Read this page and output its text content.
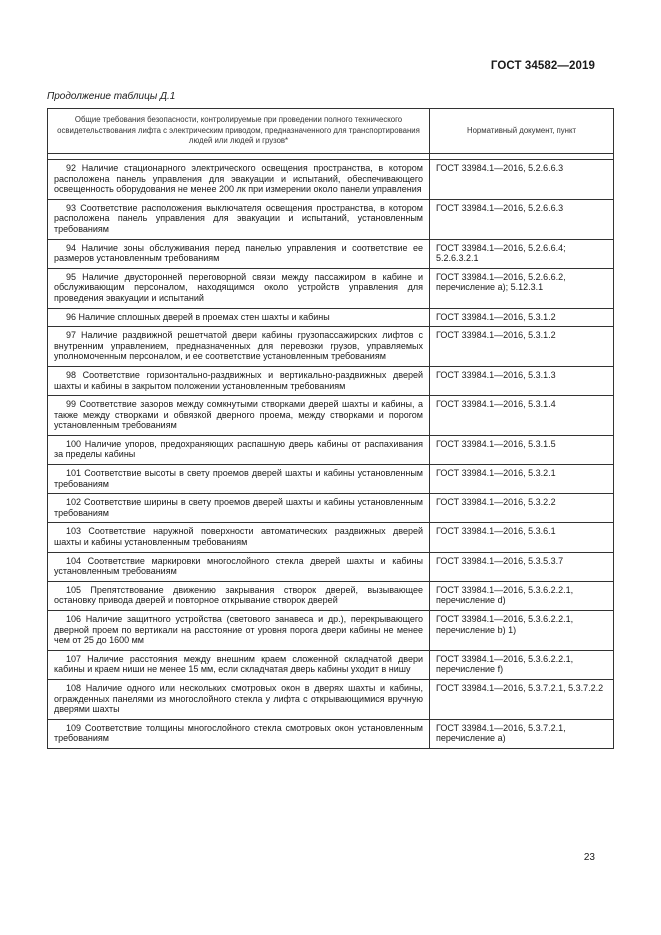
ГОСТ 34582—2019
Продолжение таблицы Д.1
Общие требования безопасности, контролируемые при проведении полного технического освидетельствования лифта с электрическим приводом, предназначенного для транспортирования людей или людей и грузов*	Нормативный документ, пункт

92 Наличие стационарного электрического освещения пространства, в котором расположена панель управления для эвакуации и испытаний, обеспечивающего освещенность оборудования не менее 200 лк при измерении около панели управления	ГОСТ 33984.1—2016, 5.2.6.6.3
93 Соответствие расположения выключателя освещения пространства, в котором расположена панель управления для эвакуации и испытаний, установленным требованиям	ГОСТ 33984.1—2016, 5.2.6.6.3
94 Наличие зоны обслуживания перед панелью управления и соответствие ее размеров установленным требованиям	ГОСТ 33984.1—2016, 5.2.6.6.4; 5.2.6.3.2.1
95 Наличие двусторонней переговорной связи между пассажиром в кабине и обслуживающим персоналом, находящимся около устройств управления для проведения эвакуации и испытаний	ГОСТ 33984.1—2016, 5.2.6.6.2, перечисление а); 5.12.3.1
96 Наличие сплошных дверей в проемах стен шахты и кабины	ГОСТ 33984.1—2016, 5.3.1.2
97 Наличие раздвижной решетчатой двери кабины грузопассажирских лифтов с внутренним управлением, предназначенных для перевозки грузов, управляемых уполномоченным персоналом, и ее соответствие установленным требованиям	ГОСТ 33984.1—2016, 5.3.1.2
98 Соответствие горизонтально-раздвижных и вертикально-раздвижных дверей шахты и кабины в закрытом положении установленным требованиям	ГОСТ 33984.1—2016, 5.3.1.3
99 Соответствие зазоров между сомкнутыми створками дверей шахты и кабины, а также между створками и обвязкой дверного проема, между створками и порогом установленным требованиям	ГОСТ 33984.1—2016, 5.3.1.4
100 Наличие упоров, предохраняющих распашную дверь кабины от распахивания за пределы кабины	ГОСТ 33984.1—2016, 5.3.1.5
101 Соответствие высоты в свету проемов дверей шахты и кабины установленным требованиям	ГОСТ 33984.1—2016, 5.3.2.1
102 Соответствие ширины в свету проемов дверей шахты и кабины установленным требованиям	ГОСТ 33984.1—2016, 5.3.2.2
103 Соответствие наружной поверхности автоматических раздвижных дверей шахты и кабины установленным требованиям	ГОСТ 33984.1—2016, 5.3.6.1
104 Соответствие маркировки многослойного стекла дверей шахты и кабины установленным требованиям	ГОСТ 33984.1—2016, 5.3.5.3.7
105 Препятствование движению закрывания створок дверей, вызывающее остановку привода дверей и повторное открывание створок дверей	ГОСТ 33984.1—2016, 5.3.6.2.2.1, перечисление d)
106 Наличие защитного устройства (светового занавеса и др.), перекрывающего дверной проем по вертикали на расстояние от уровня порога двери кабины не менее чем от 25 до 1600 мм	ГОСТ 33984.1—2016, 5.3.6.2.2.1, перечисление b) 1)
107 Наличие расстояния между внешним краем сложенной складчатой двери кабины и краем ниши не менее 15 мм, если складчатая дверь кабины уходит в нишу	ГОСТ 33984.1—2016, 5.3.6.2.2.1, перечисление f)
108 Наличие одного или нескольких смотровых окон в дверях шахты и кабины, огражденных панелями из многослойного стекла у лифта с открывающимися вручную дверями шахты	ГОСТ 33984.1—2016, 5.3.7.2.1, 5.3.7.2.2
109 Соответствие толщины многослойного стекла смотровых окон установленным требованиям	ГОСТ 33984.1—2016, 5.3.7.2.1, перечисление а)
23
